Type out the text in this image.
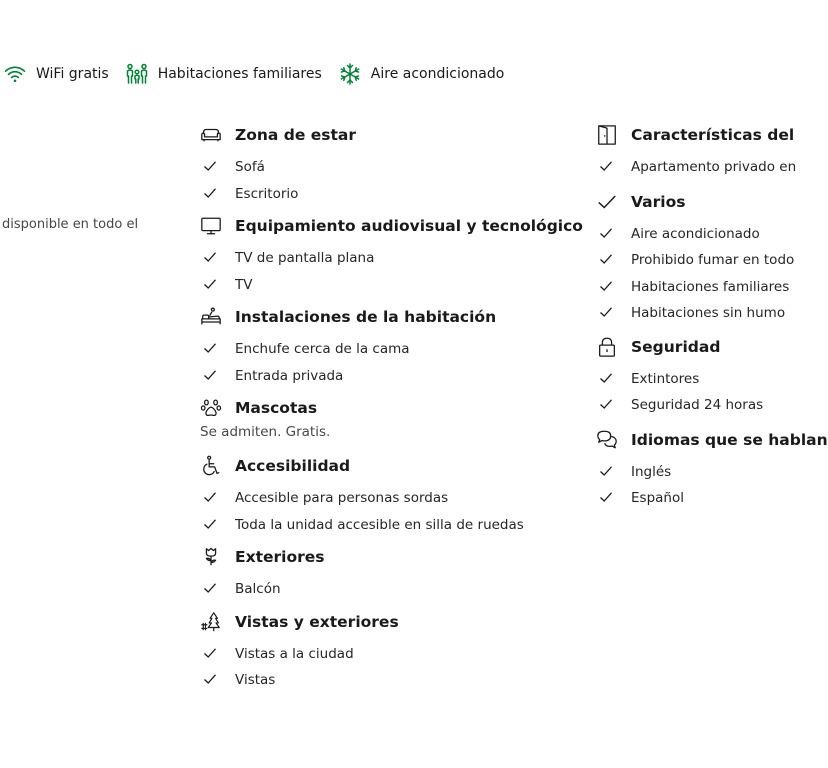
WiFi gratis	Habitaciones familiares	Aire acondicionado
disponible en todo el
Zona de estar
Sofá
Escritorio
Equipamiento audiovisual y tecnológico
TV de pantalla plana
TV
Instalaciones de la habitación
Enchufe cerca de la cama
Entrada privada
Mascotas
Se admiten. Gratis.
Accesibilidad
Accesible para personas sordas
Toda la unidad accesible en silla de ruedas
Exteriores
Balcón
Vistas y exteriores
Vistas a la ciudad
Vistas
Características del
Apartamento privado en
Varios
Aire acondicionado
Prohibido fumar en todo
Habitaciones familiares
Habitaciones sin humo
Seguridad
Extintores
Seguridad 24 horas
Idiomas que se hablan
Inglés
Español
